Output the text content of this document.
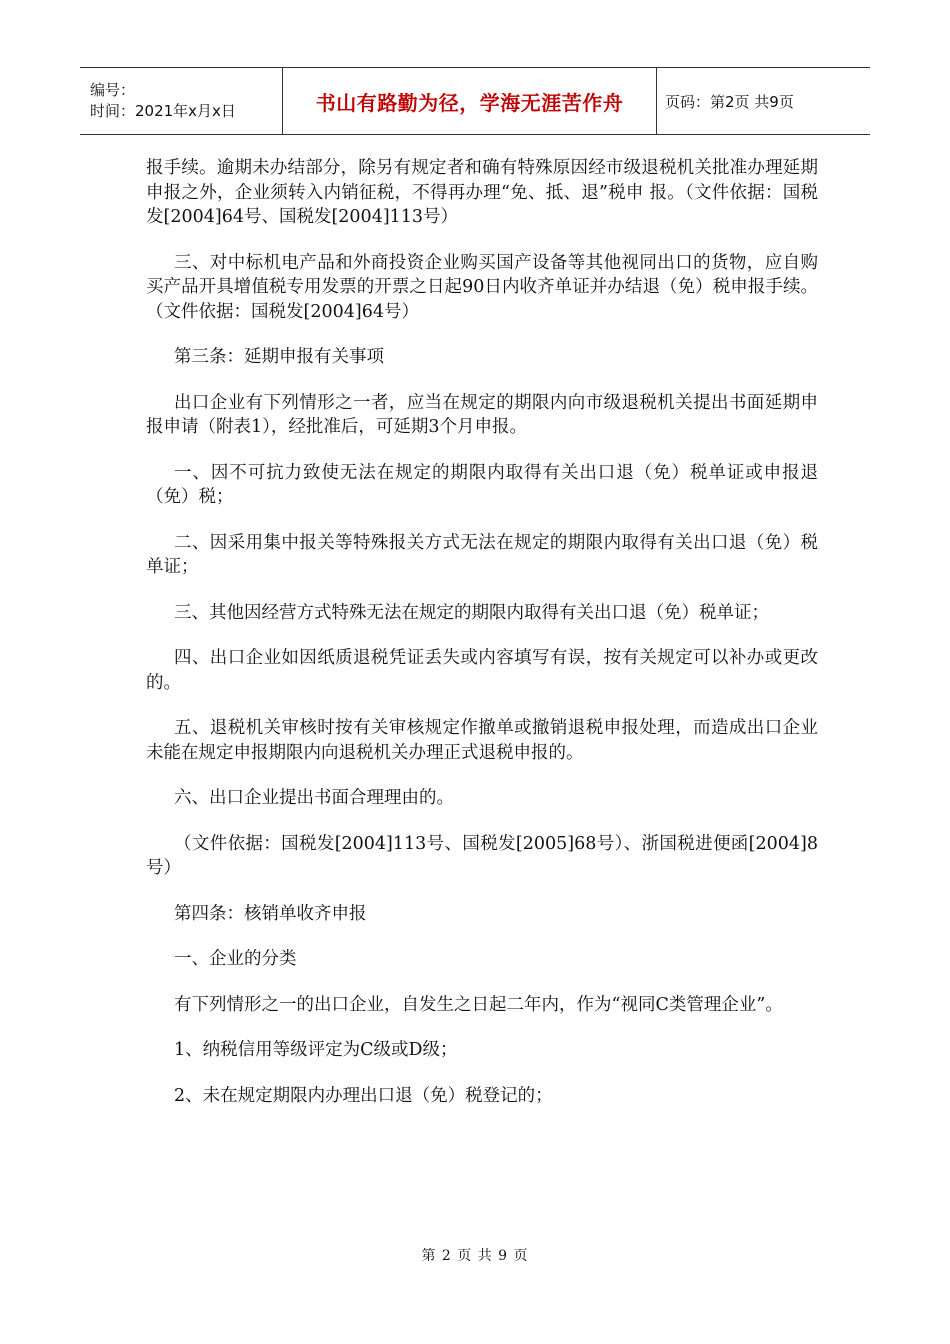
编号：
时间：2021年x月x日	书山有路勤为径，学海无涯苦作舟	页码：第2页 共9页

报手续。逾期未办结部分，除另有规定者和确有特殊原因经市级退税机关批准办理延期申报之外，企业须转入内销征税，不得再办理“免、抵、退”税申 报。（文件依据：国税发[2004]64号、国税发[2004]113号）

三、对中标机电产品和外商投资企业购买国产设备等其他视同出口的货物，应自购买产品开具增值税专用发票的开票之日起90日内收齐单证并办结退（免）税申报手续。（文件依据：国税发[2004]64号）

第三条：延期申报有关事项

出口企业有下列情形之一者，应当在规定的期限内向市级退税机关提出书面延期申报申请（附表1），经批准后，可延期3个月申报。

一、因不可抗力致使无法在规定的期限内取得有关出口退（免）税单证或申报退（免）税；

二、因采用集中报关等特殊报关方式无法在规定的期限内取得有关出口退（免）税单证；

三、其他因经营方式特殊无法在规定的期限内取得有关出口退（免）税单证；

四、出口企业如因纸质退税凭证丢失或内容填写有误，按有关规定可以补办或更改的。

五、退税机关审核时按有关审核规定作撤单或撤销退税申报处理，而造成出口企业未能在规定申报期限内向退税机关办理正式退税申报的。

六、出口企业提出书面合理理由的。

（文件依据：国税发[2004]113号、国税发[2005]68号）、浙国税进便函[2004]8号）

第四条：核销单收齐申报

一、企业的分类

有下列情形之一的出口企业，自发生之日起二年内，作为“视同C类管理企业”。

1、纳税信用等级评定为C级或D级；

2、未在规定期限内办理出口退（免）税登记的；

第 2 页 共 9 页
